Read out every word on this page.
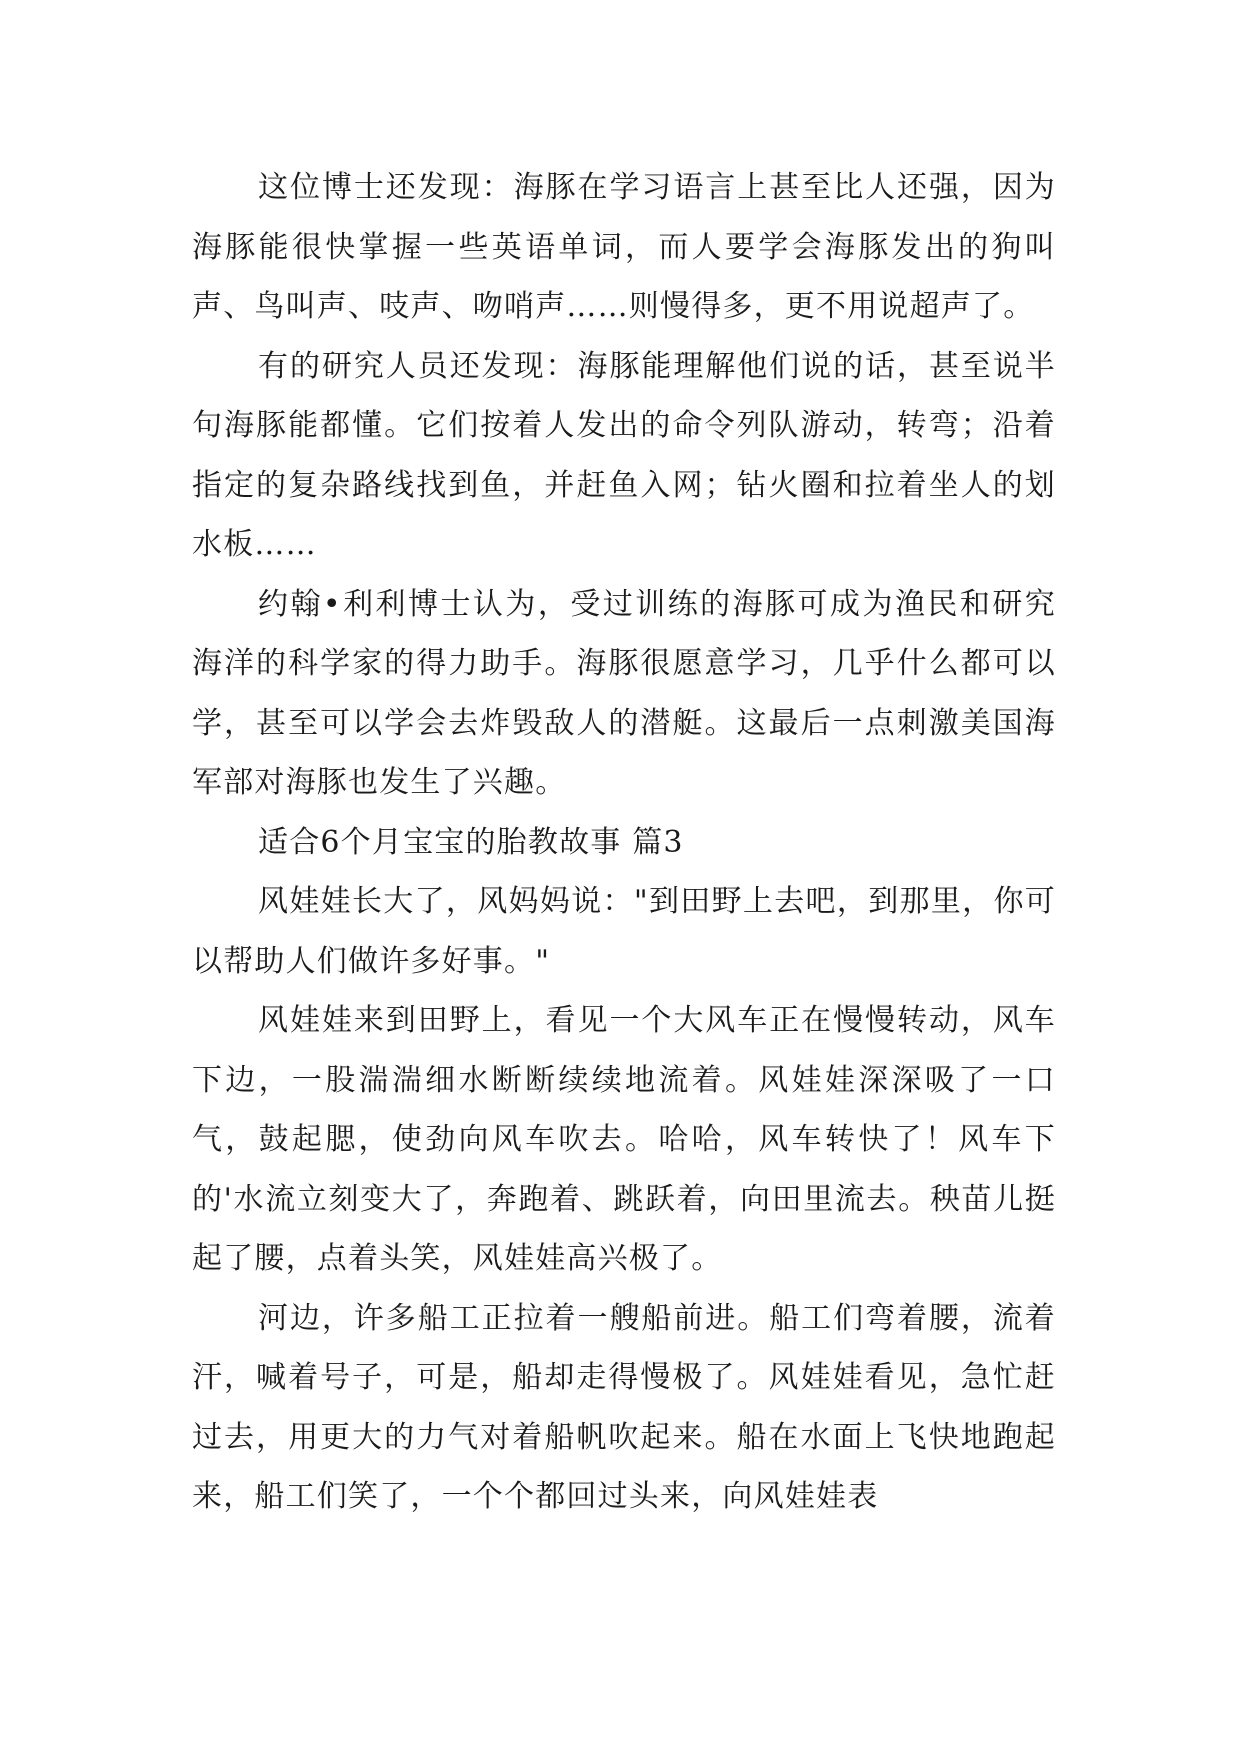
这位博士还发现：海豚在学习语言上甚至比人还强，因为海豚能很快掌握一些英语单词，而人要学会海豚发出的狗叫声、鸟叫声、吱声、吻哨声……则慢得多，更不用说超声了。

有的研究人员还发现：海豚能理解他们说的话，甚至说半句海豚能都懂。它们按着人发出的命令列队游动，转弯；沿着指定的复杂路线找到鱼，并赶鱼入网；钻火圈和拉着坐人的划水板……

约翰•利利博士认为，受过训练的海豚可成为渔民和研究海洋的科学家的得力助手。海豚很愿意学习，几乎什么都可以学，甚至可以学会去炸毁敌人的潜艇。这最后一点刺激美国海军部对海豚也发生了兴趣。

适合6个月宝宝的胎教故事 篇3

风娃娃长大了，风妈妈说："到田野上去吧，到那里，你可以帮助人们做许多好事。"

风娃娃来到田野上，看见一个大风车正在慢慢转动，风车下边，一股湍湍细水断断续续地流着。风娃娃深深吸了一口气，鼓起腮，使劲向风车吹去。哈哈，风车转快了！风车下的'水流立刻变大了，奔跑着、跳跃着，向田里流去。秧苗儿挺起了腰，点着头笑，风娃娃高兴极了。

河边，许多船工正拉着一艘船前进。船工们弯着腰，流着汗，喊着号子，可是，船却走得慢极了。风娃娃看见，急忙赶过去，用更大的力气对着船帆吹起来。船在水面上飞快地跑起来，船工们笑了，一个个都回过头来，向风娃娃表
